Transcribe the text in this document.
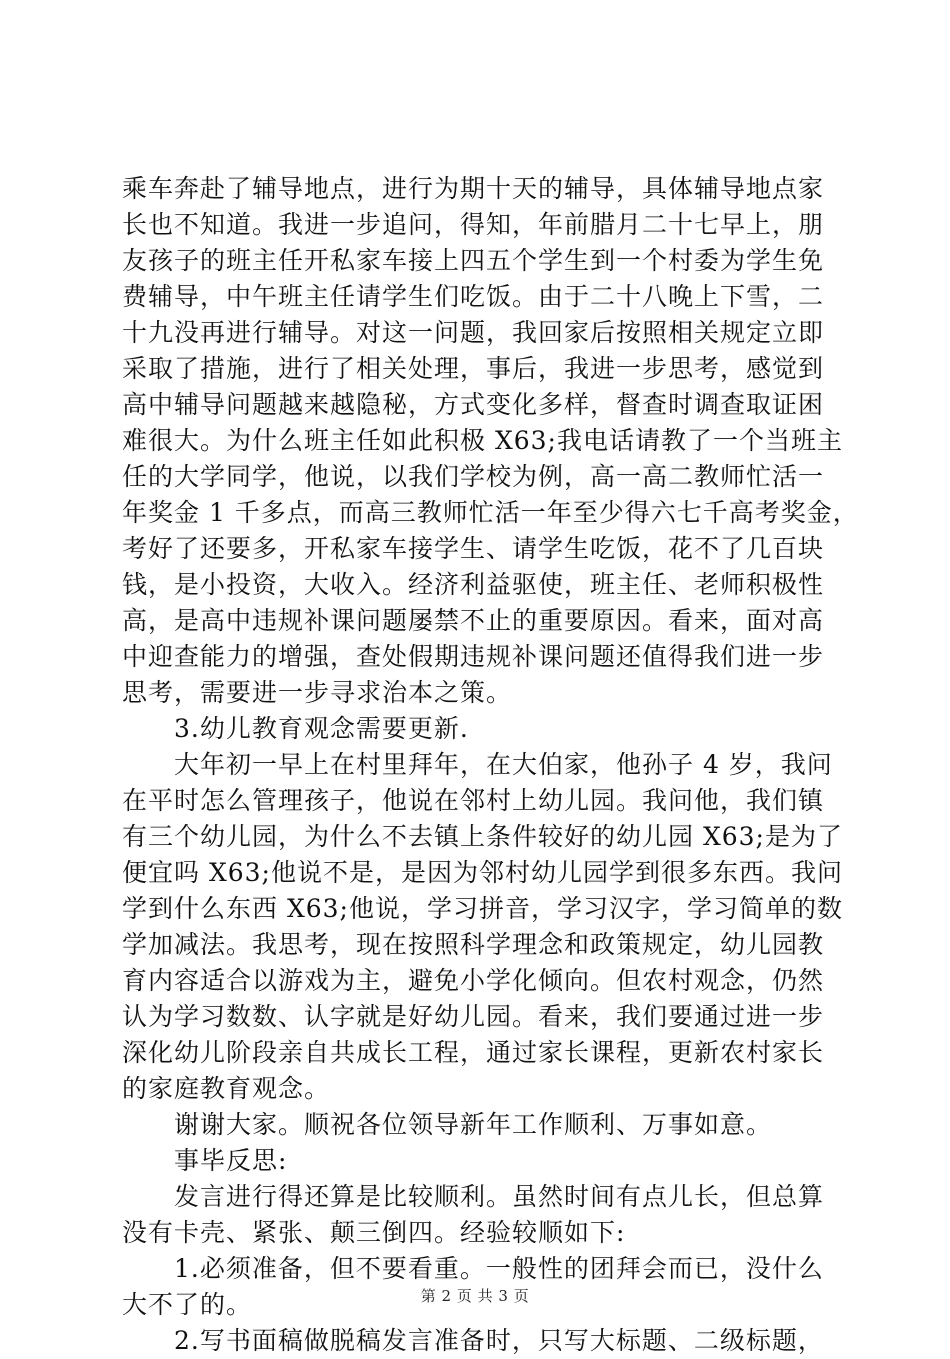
乘车奔赴了辅导地点，进行为期十天的辅导，具体辅导地点家
长也不知道。我进一步追问，得知，年前腊月二十七早上，朋
友孩子的班主任开私家车接上四五个学生到一个村委为学生免
费辅导，中午班主任请学生们吃饭。由于二十八晚上下雪，二
十九没再进行辅导。对这一问题，我回家后按照相关规定立即
采取了措施，进行了相关处理，事后，我进一步思考，感觉到
高中辅导问题越来越隐秘，方式变化多样，督查时调查取证困
难很大。为什么班主任如此积极 X63;我电话请教了一个当班主
任的大学同学，他说，以我们学校为例，高一高二教师忙活一
年奖金 1 千多点，而高三教师忙活一年至少得六七千高考奖金，
考好了还要多，开私家车接学生、请学生吃饭，花不了几百块
钱，是小投资，大收入。经济利益驱使，班主任、老师积极性
高，是高中违规补课问题屡禁不止的重要原因。看来，面对高
中迎查能力的增强，查处假期违规补课问题还值得我们进一步
思考，需要进一步寻求治本之策。
3.幼儿教育观念需要更新.
大年初一早上在村里拜年，在大伯家，他孙子 4 岁，我问
在平时怎么管理孩子，他说在邻村上幼儿园。我问他，我们镇
有三个幼儿园，为什么不去镇上条件较好的幼儿园 X63;是为了
便宜吗 X63;他说不是，是因为邻村幼儿园学到很多东西。我问
学到什么东西 X63;他说，学习拼音，学习汉字，学习简单的数
学加减法。我思考，现在按照科学理念和政策规定，幼儿园教
育内容适合以游戏为主，避免小学化倾向。但农村观念，仍然
认为学习数数、认字就是好幼儿园。看来，我们要通过进一步
深化幼儿阶段亲自共成长工程，通过家长课程，更新农村家长
的家庭教育观念。
谢谢大家。顺祝各位领导新年工作顺利、万事如意。
事毕反思:
发言进行得还算是比较顺利。虽然时间有点儿长，但总算
没有卡壳、紧张、颠三倒四。经验较顺如下:
1.必须准备，但不要看重。一般性的团拜会而已，没什么
大不了的。
2.写书面稿做脱稿发言准备时，只写大标题、二级标题，
第 2 页 共 3 页
